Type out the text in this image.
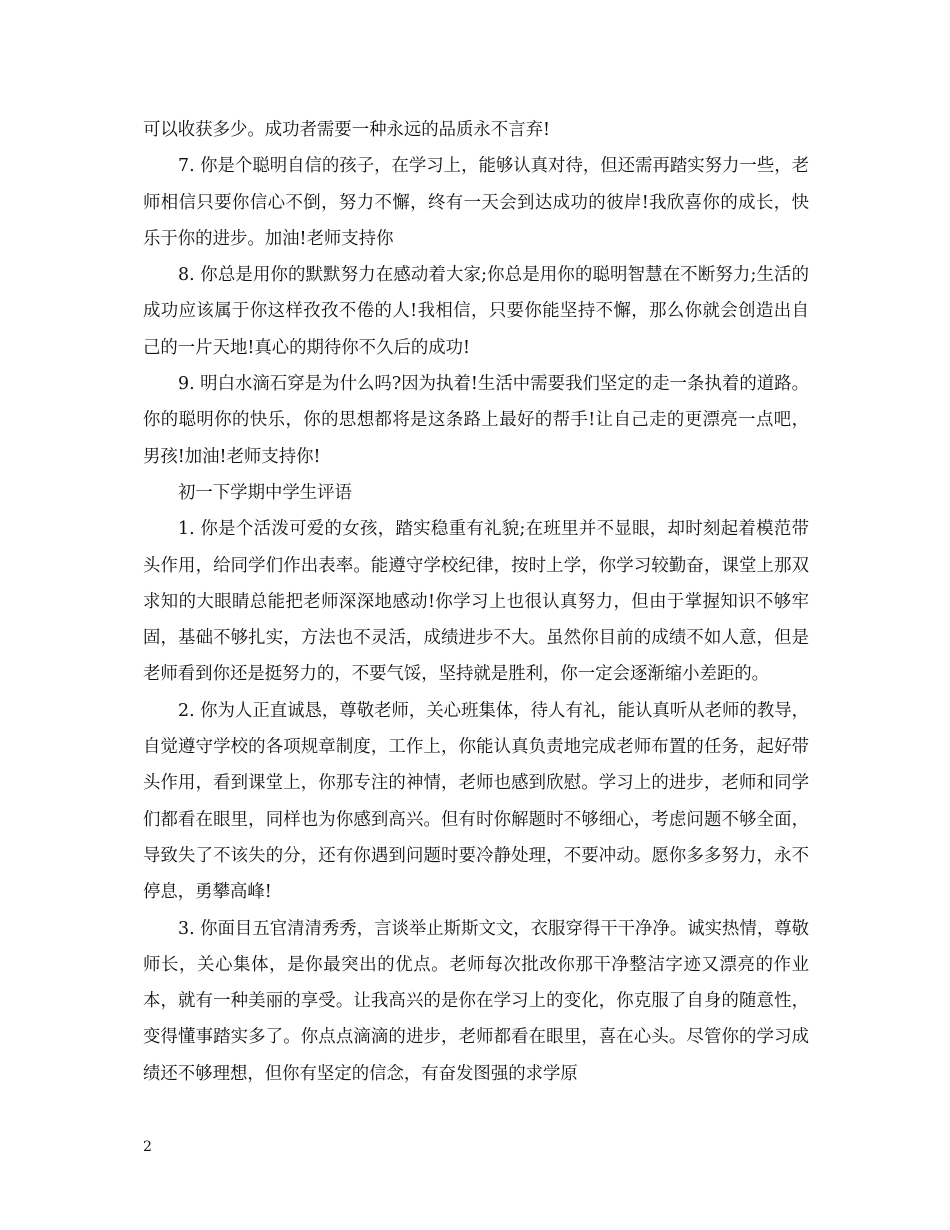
可以收获多少。成功者需要一种永远的品质永不言弃!

7. 你是个聪明自信的孩子，在学习上，能够认真对待，但还需再踏实努力一些，老师相信只要你信心不倒，努力不懈，终有一天会到达成功的彼岸!我欣喜你的成长，快乐于你的进步。加油!老师支持你

8. 你总是用你的默默努力在感动着大家;你总是用你的聪明智慧在不断努力;生活的成功应该属于你这样孜孜不倦的人!我相信，只要你能坚持不懈，那么你就会创造出自己的一片天地!真心的期待你不久后的成功!

9. 明白水滴石穿是为什么吗?因为执着!生活中需要我们坚定的走一条执着的道路。你的聪明你的快乐，你的思想都将是这条路上最好的帮手!让自己走的更漂亮一点吧，男孩!加油!老师支持你!

初一下学期中学生评语

1. 你是个活泼可爱的女孩，踏实稳重有礼貌;在班里并不显眼，却时刻起着模范带头作用，给同学们作出表率。能遵守学校纪律，按时上学，你学习较勤奋，课堂上那双求知的大眼睛总能把老师深深地感动!你学习上也很认真努力，但由于掌握知识不够牢固，基础不够扎实，方法也不灵活，成绩进步不大。虽然你目前的成绩不如人意，但是老师看到你还是挺努力的，不要气馁，坚持就是胜利，你一定会逐渐缩小差距的。

2. 你为人正直诚恳，尊敬老师，关心班集体，待人有礼，能认真听从老师的教导，自觉遵守学校的各项规章制度，工作上，你能认真负责地完成老师布置的任务，起好带头作用，看到课堂上，你那专注的神情，老师也感到欣慰。学习上的进步，老师和同学们都看在眼里，同样也为你感到高兴。但有时你解题时不够细心，考虑问题不够全面，导致失了不该失的分，还有你遇到问题时要冷静处理，不要冲动。愿你多多努力，永不停息，勇攀高峰!

3. 你面目五官清清秀秀，言谈举止斯斯文文，衣服穿得干干净净。诚实热情，尊敬师长，关心集体，是你最突出的优点。老师每次批改你那干净整洁字迹又漂亮的作业本，就有一种美丽的享受。让我高兴的是你在学习上的变化，你克服了自身的随意性，变得懂事踏实多了。你点点滴滴的进步，老师都看在眼里，喜在心头。尽管你的学习成绩还不够理想，但你有坚定的信念，有奋发图强的求学原

2
